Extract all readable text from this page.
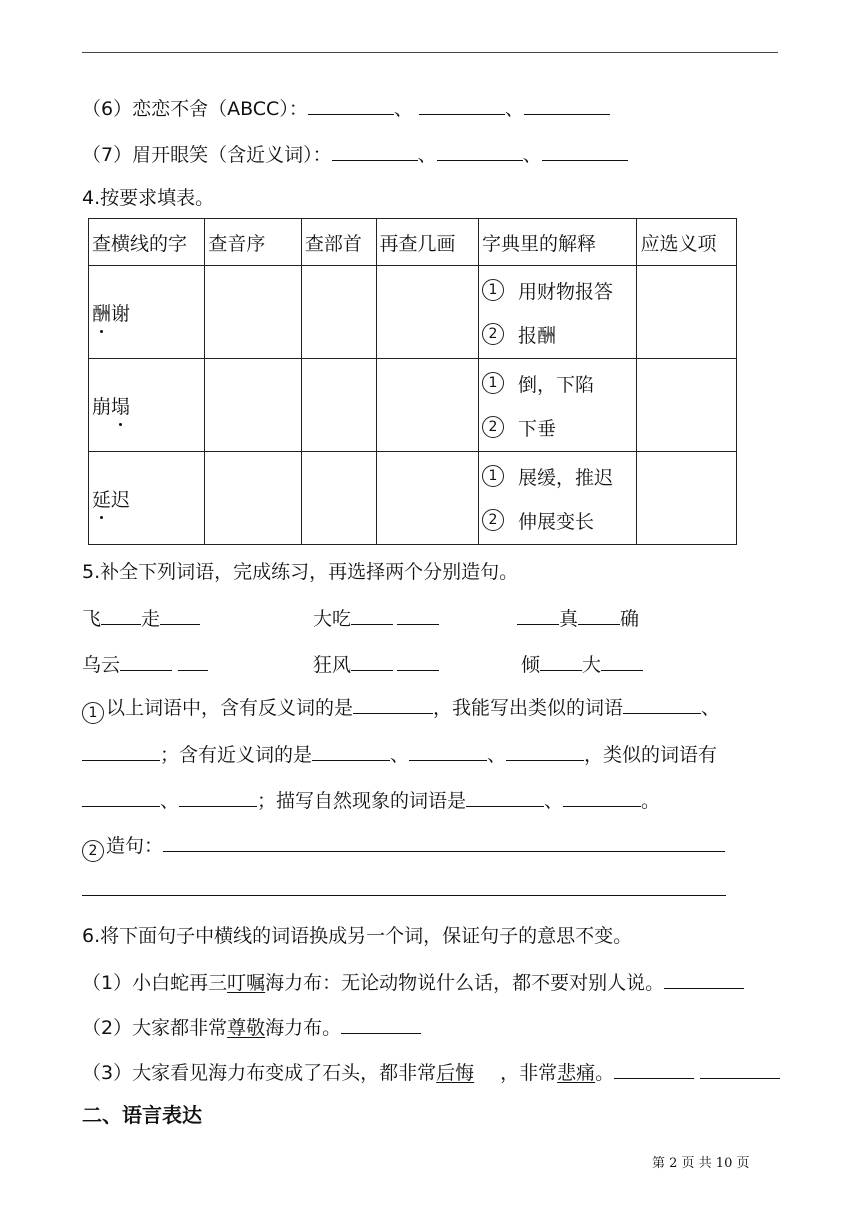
（6）恋恋不舍（ABCC）：	、	、
（7）眉开眼笑（含近义词）：	、	、
4.按要求填表。
查横线的字	查音序	查部首	再查几画	字典里的解释	应选义项
酬谢				1 用财物报答
2 报酬	

崩塌				1 倒，下陷
2 下垂	

延迟				1 展缓，推迟
2 伸展变长	

5.补全下列词语，完成练习，再选择两个分别造句。
飞 走	大吃	真 确
乌云	狂风	倾 大
1 以上词语中，含有反义词的是	，我能写出类似的词语	、
；含有近义词的是	、	、	，类似的词语有
、	；描写自然现象的词语是	、	。
2 造句：
6.将下面句子中横线的词语换成另一个词，保证句子的意思不变。
（1）小白蛇再三叮嘱海力布：无论动物说什么话，都不要对别人说。
（2）大家都非常尊敬海力布。
（3）大家看见海力布变成了石头，都非常后悔 ，非常悲痛。
二、语言表达
第 2 页 共 10 页
